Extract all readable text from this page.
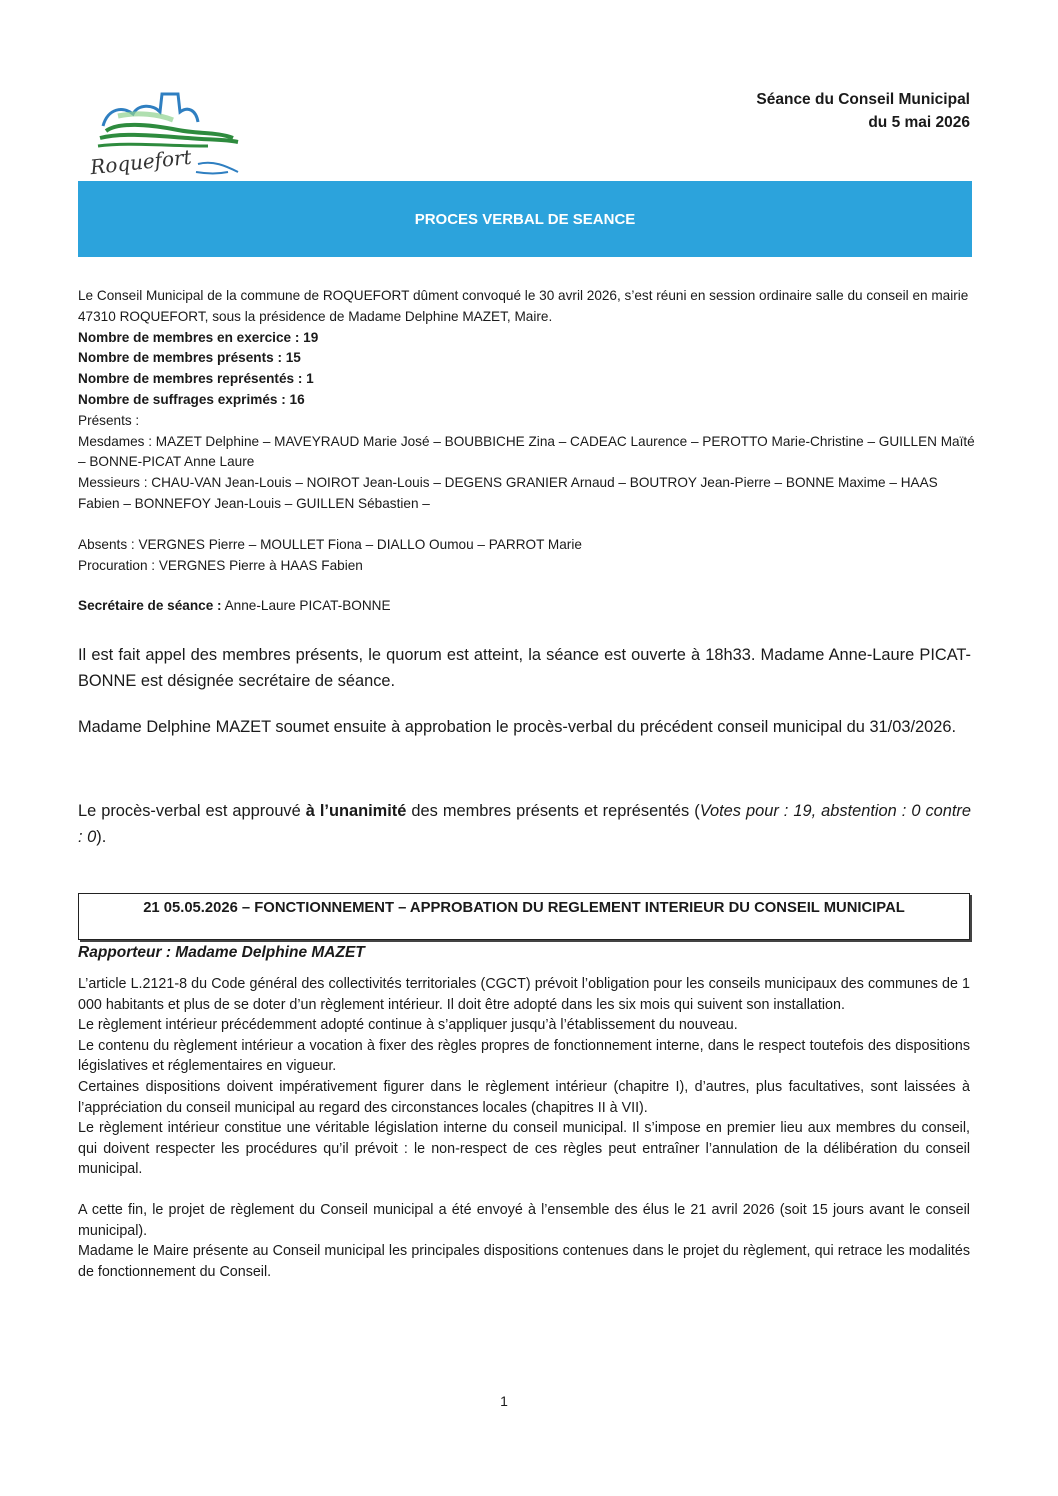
Roquefort
Séance du Conseil Municipal
du 5 mai 2026
PROCES VERBAL DE SEANCE

Le Conseil Municipal de la commune de ROQUEFORT dûment convoqué le 30 avril 2026, s’est réuni en session ordinaire salle du conseil en mairie 47310 ROQUEFORT, sous la présidence de Madame Delphine MAZET, Maire.

Nombre de membres en exercice : 19

Nombre de membres présents : 15

Nombre de membres représentés : 1

Nombre de suffrages exprimés : 16

Présents :

Mesdames : MAZET Delphine – MAVEYRAUD Marie José – BOUBBICHE Zina – CADEAC Laurence – PEROTTO Marie-Christine – GUILLEN Maïté – BONNE-PICAT Anne Laure

Messieurs : CHAU-VAN Jean-Louis – NOIROT Jean-Louis – DEGENS GRANIER Arnaud – BOUTROY Jean-Pierre – BONNE Maxime – HAAS Fabien – BONNEFOY Jean-Louis – GUILLEN Sébastien –

Absents : VERGNES Pierre – MOULLET Fiona – DIALLO Oumou – PARROT Marie

Procuration : VERGNES Pierre à HAAS Fabien

Secrétaire de séance : Anne-Laure PICAT-BONNE

Il est fait appel des membres présents, le quorum est atteint, la séance est ouverte à 18h33. Madame Anne-Laure PICAT-BONNE est désignée secrétaire de séance.

Madame Delphine MAZET soumet ensuite à approbation le procès-verbal du précédent conseil municipal du 31/03/2026.

Le procès-verbal est approuvé à l’unanimité des membres présents et représentés (Votes pour : 19, abstention : 0 contre : 0).

21 05.05.2026 – FONCTIONNEMENT – APPROBATION DU REGLEMENT INTERIEUR DU CONSEIL MUNICIPAL
Rapporteur : Madame Delphine MAZET

L’article L.2121-8 du Code général des collectivités territoriales (CGCT) prévoit l’obligation pour les conseils municipaux des communes de 1 000 habitants et plus de se doter d’un règlement intérieur. Il doit être adopté dans les six mois qui suivent son installation.

Le règlement intérieur précédemment adopté continue à s’appliquer jusqu’à l’établissement du nouveau.

Le contenu du règlement intérieur a vocation à fixer des règles propres de fonctionnement interne, dans le respect toutefois des dispositions législatives et réglementaires en vigueur.

Certaines dispositions doivent impérativement figurer dans le règlement intérieur (chapitre I), d’autres, plus facultatives, sont laissées à l’appréciation du conseil municipal au regard des circonstances locales (chapitres II à VII).

Le règlement intérieur constitue une véritable législation interne du conseil municipal. Il s’impose en premier lieu aux membres du conseil, qui doivent respecter les procédures qu’il prévoit : le non-respect de ces règles peut entraîner l’annulation de la délibération du conseil municipal.

A cette fin, le projet de règlement du Conseil municipal a été envoyé à l’ensemble des élus le 21 avril 2026 (soit 15 jours avant le conseil municipal).

Madame le Maire présente au Conseil municipal les principales dispositions contenues dans le projet du règlement, qui retrace les modalités de fonctionnement du Conseil.

1
